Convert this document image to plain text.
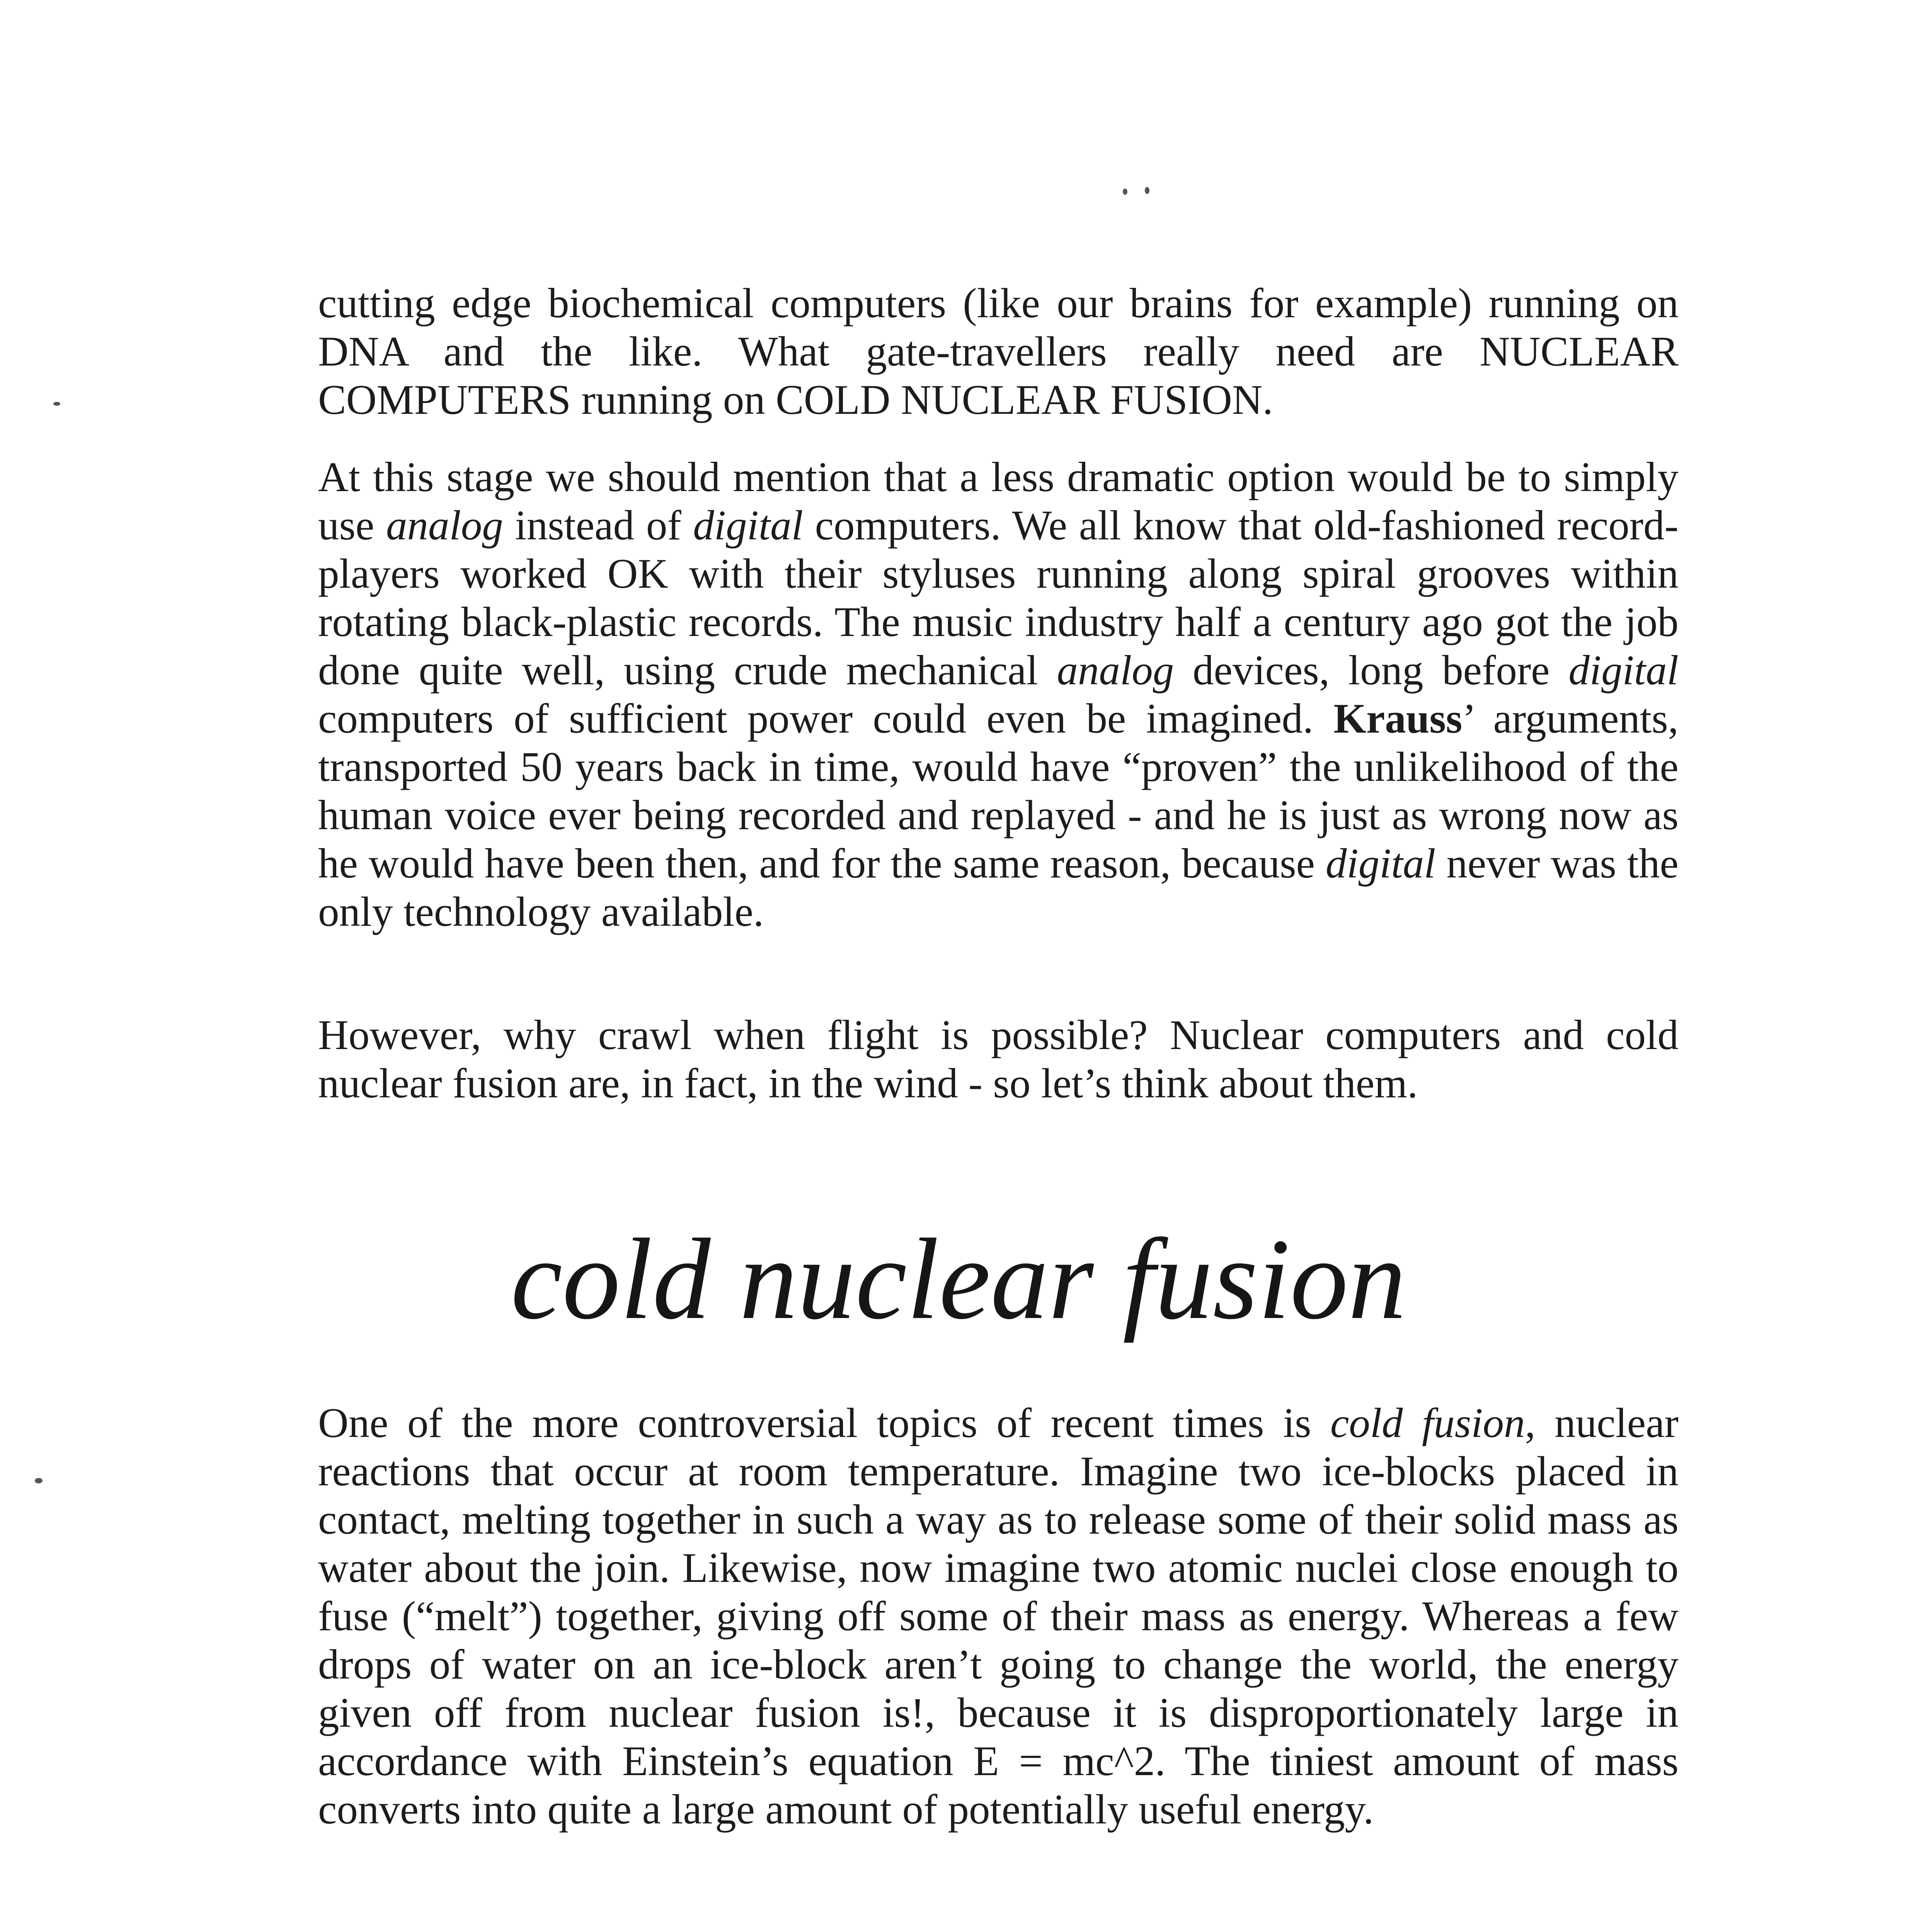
cutting edge biochemical computers (like our brains for example) running on DNA and the like. What gate-travellers really need are NUCLEAR COMPUTERS running on COLD NUCLEAR FUSION.

At this stage we should mention that a less dramatic option would be to simply use analog instead of digital computers. We all know that old-fashioned record-players worked OK with their styluses running along spiral grooves within rotating black-plastic records. The music industry half a century ago got the job done quite well, using crude mechanical analog devices, long before digital computers of sufficient power could even be imagined. Krauss’ arguments, transported 50 years back in time, would have “proven” the unlikelihood of the human voice ever being recorded and replayed - and he is just as wrong now as he would have been then, and for the same reason, because digital never was the only technology available.

However, why crawl when flight is possible? Nuclear computers and cold nuclear fusion are, in fact, in the wind - so let’s think about them.

cold nuclear fusion

One of the more controversial topics of recent times is cold fusion, nuclear reactions that occur at room temperature. Imagine two ice-blocks placed in contact, melting together in such a way as to release some of their solid mass as water about the join. Likewise, now imagine two atomic nuclei close enough to fuse (“melt”) together, giving off some of their mass as energy. Whereas a few drops of water on an ice-block aren’t going to change the world, the energy given off from nuclear fusion is!, because it is disproportionately large in accordance with Einstein’s equation E = mc^2. The tiniest amount of mass converts into quite a large amount of potentially useful energy.
